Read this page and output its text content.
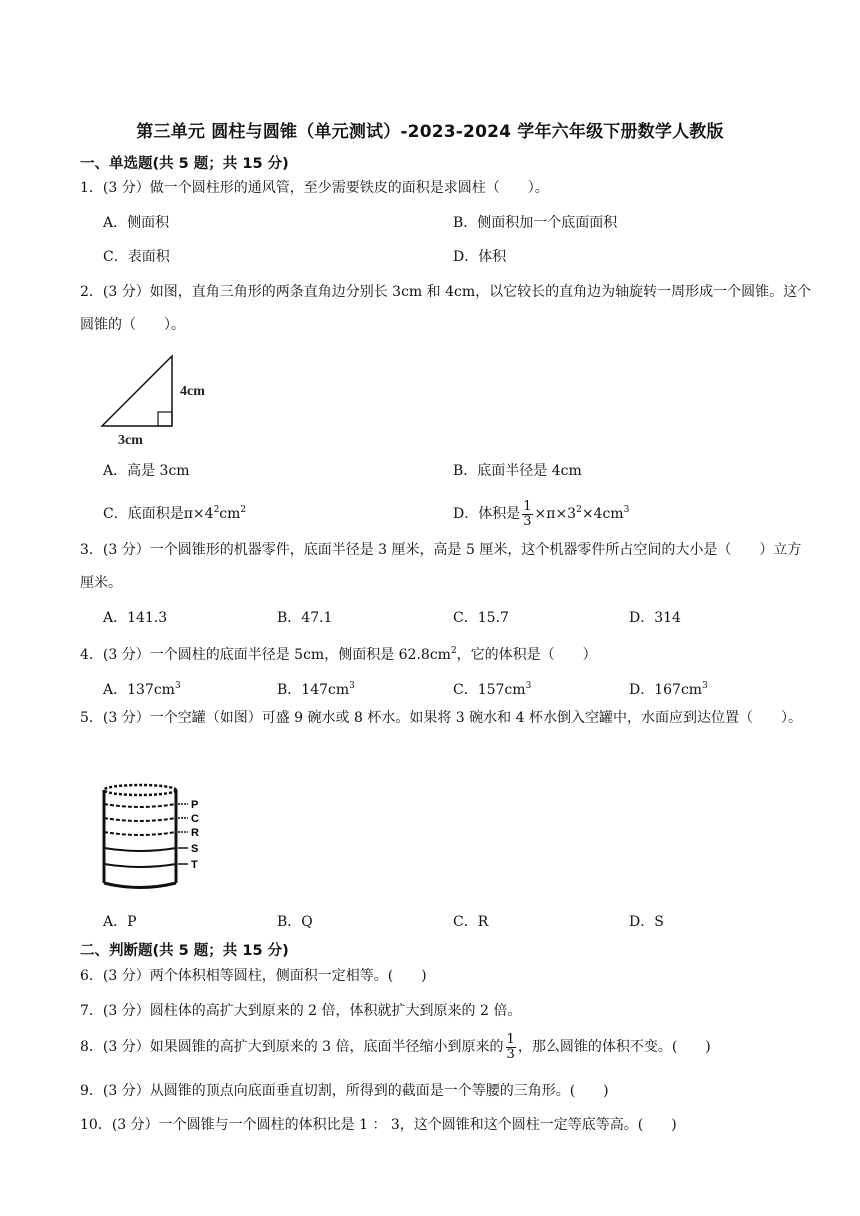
第三单元 圆柱与圆锥（单元测试）-2023-2024 学年六年级下册数学人教版
一、单选题(共 5 题；共 15 分)
1．(3 分）做一个圆柱形的通风管，至少需要铁皮的面积是求圆柱（　　）。
A．侧面积	B．侧面积加一个底面面积
C．表面积	D．体积
2．(3 分）如图，直角三角形的两条直角边分别长 3cm 和 4cm，以它较长的直角边为轴旋转一周形成一个圆锥。这个圆锥的（　　）。
4cm
3cm
A．高是 3cm	B．底面半径是 4cm
C．底面积是$\pi\times 4^2cm^2$	D．体积是 $\frac{1}{3} \times\pi\times 3^2\times 4cm^3$
3．(3 分）一个圆锥形的机器零件，底面半径是 3 厘米，高是 5 厘米，这个机器零件所占空间的大小是（　　）立方厘米。
A．141.3	B．47.1	C．15.7	D．314
4．(3 分）一个圆柱的底面半径是 5cm，侧面积是 $62.8cm^2$，它的体积是（　　）
A．$137cm^3$	B．$147cm^3$	C．$157cm^3$	D．$167cm^3$
5．(3 分）一个空罐（如图）可盛 9 碗水或 8 杯水。如果将 3 碗水和 4 杯水倒入空罐中，水面应到达位置（　　）。
P
C
R
S
T
A．P	B．Q	C．R	D．S
二、判断题(共 5 题；共 15 分)
6．(3 分）两个体积相等圆柱，侧面积一定相等。(　　)
7．(3 分）圆柱体的高扩大到原来的 2 倍，体积就扩大到原来的 2 倍。
8．(3 分）如果圆锥的高扩大到原来的 3 倍，底面半径缩小到原来的 $\frac{1}{3}$ ，那么圆锥的体积不变。(　　)
9．(3 分）从圆锥的顶点向底面垂直切割，所得到的截面是一个等腰的三角形。(　　)
10．(3 分）一个圆锥与一个圆柱的体积比是 1 ： 3，这个圆锥和这个圆柱一定等底等高。(　　)
